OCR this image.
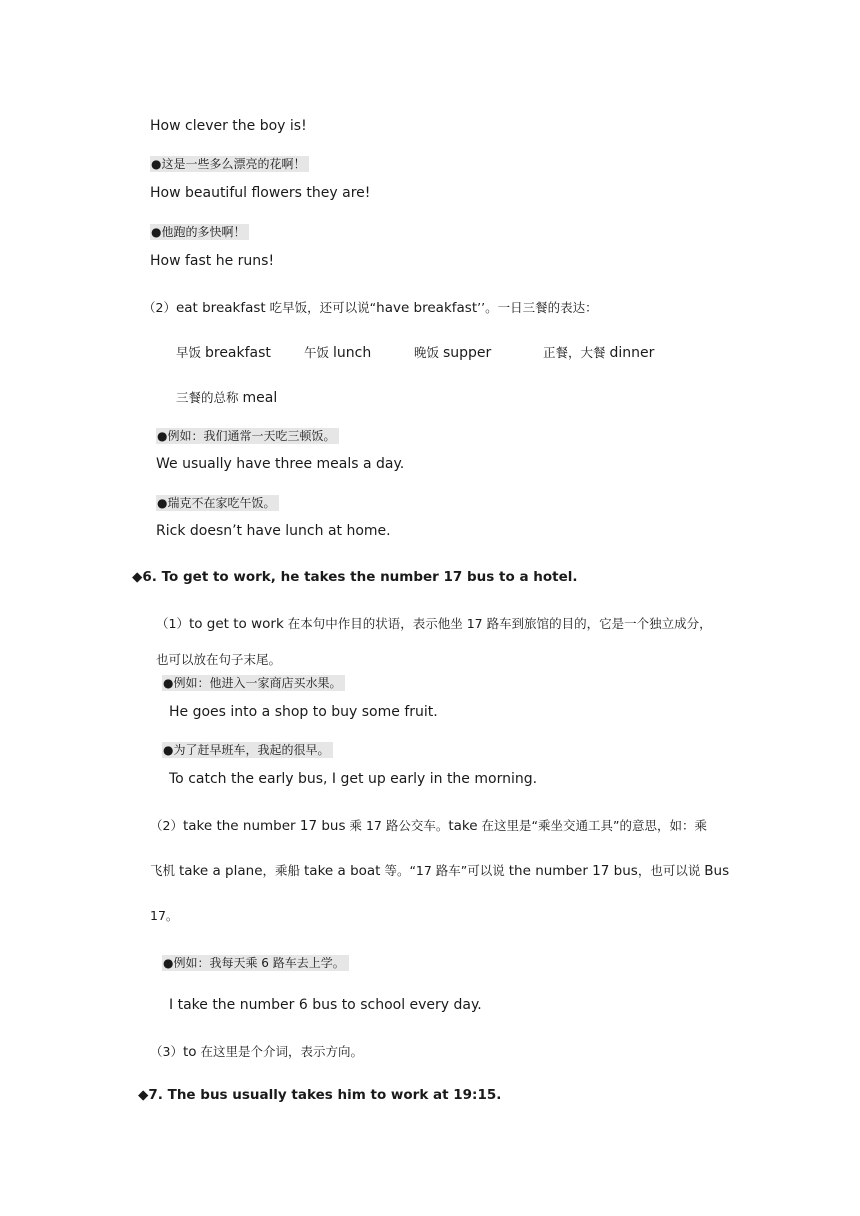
How clever the boy is!
●这是一些多么漂亮的花啊！
How beautiful flowers they are!
●他跑的多快啊！
How fast he runs!
（2）eat breakfast 吃早饭，还可以说“have breakfast’’。一日三餐的表达：
早饭 breakfast	午饭 lunch	晚饭 supper	正餐，大餐 dinner
三餐的总称 meal
●例如：我们通常一天吃三顿饭。
We usually have three meals a day.
●瑞克不在家吃午饭。
Rick doesn’t have lunch at home.
◆6. To get to work, he takes the number 17 bus to a hotel.
（1）to get to work 在本句中作目的状语，表示他坐 17 路车到旅馆的目的，它是一个独立成分，
也可以放在句子末尾。
●例如：他进入一家商店买水果。
He goes into a shop to buy some fruit.
●为了赶早班车，我起的很早。
To catch the early bus, I get up early in the morning.
（2）take the number 17 bus 乘 17 路公交车。take 在这里是“乘坐交通工具”的意思，如：乘
飞机 take a plane，乘船 take a boat 等。“17 路车”可以说 the number 17 bus，也可以说 Bus
17。
●例如：我每天乘 6 路车去上学。
I take the number 6 bus to school every day.
（3）to 在这里是个介词，表示方向。
◆7. The bus usually takes him to work at 19:15.
